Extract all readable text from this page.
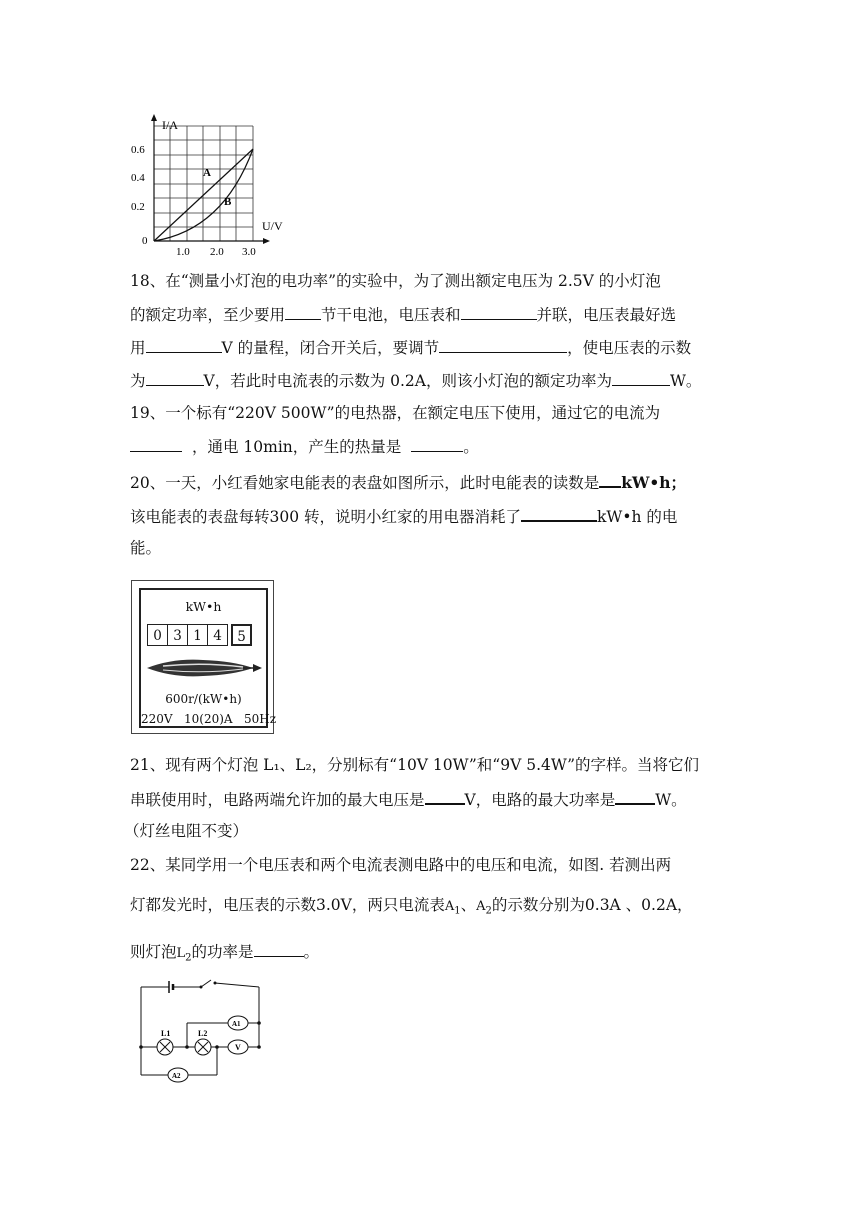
I/A
U/V
0
0.6
0.4
0.2
1.0 2.0 3.0
A
B
18、在“测量小灯泡的电功率”的实验中，为了测出额定电压为 2.5V 的小灯泡
的额定功率，至少要用 节干电池，电压表和	并联，电压表最好选
用	V 的量程，闭合开关后，要调节	，使电压表的示数
为	V，若此时电流表的示数为 0.2A，则该小灯泡的额定功率为	W。
19、一个标有“220V 500W”的电热器，在额定电压下使用，通过它的电流为
，通电 10min，产生的热量是	。
20、一天，小红看她家电能表的表盘如图所示，此时电能表的读数是 kW•h；
该电能表的表盘每转300 转，说明小红家的用电器消耗了	kW•h 的电
能。
kW•h
0 3 1 4	5
600r/(kW•h)
220V   10(20)A   50Hz
21、现有两个灯泡 L₁、L₂，分别标有“10V 10W”和“9V 5.4W”的字样。当将它们
串联使用时，电路两端允许加的最大电压是	V，电路的最大功率是	W。
（灯丝电阻不变）
22、某同学用一个电压表和两个电流表测电路中的电压和电流，如图. 若测出两
灯都发光时，电压表的示数3.0V，两只电流表$A_1$、$A_2$的示数分别为0.3A 、0.2A，
则灯泡$L_2$的功率是	。
L1	L2
A1
V
A2
